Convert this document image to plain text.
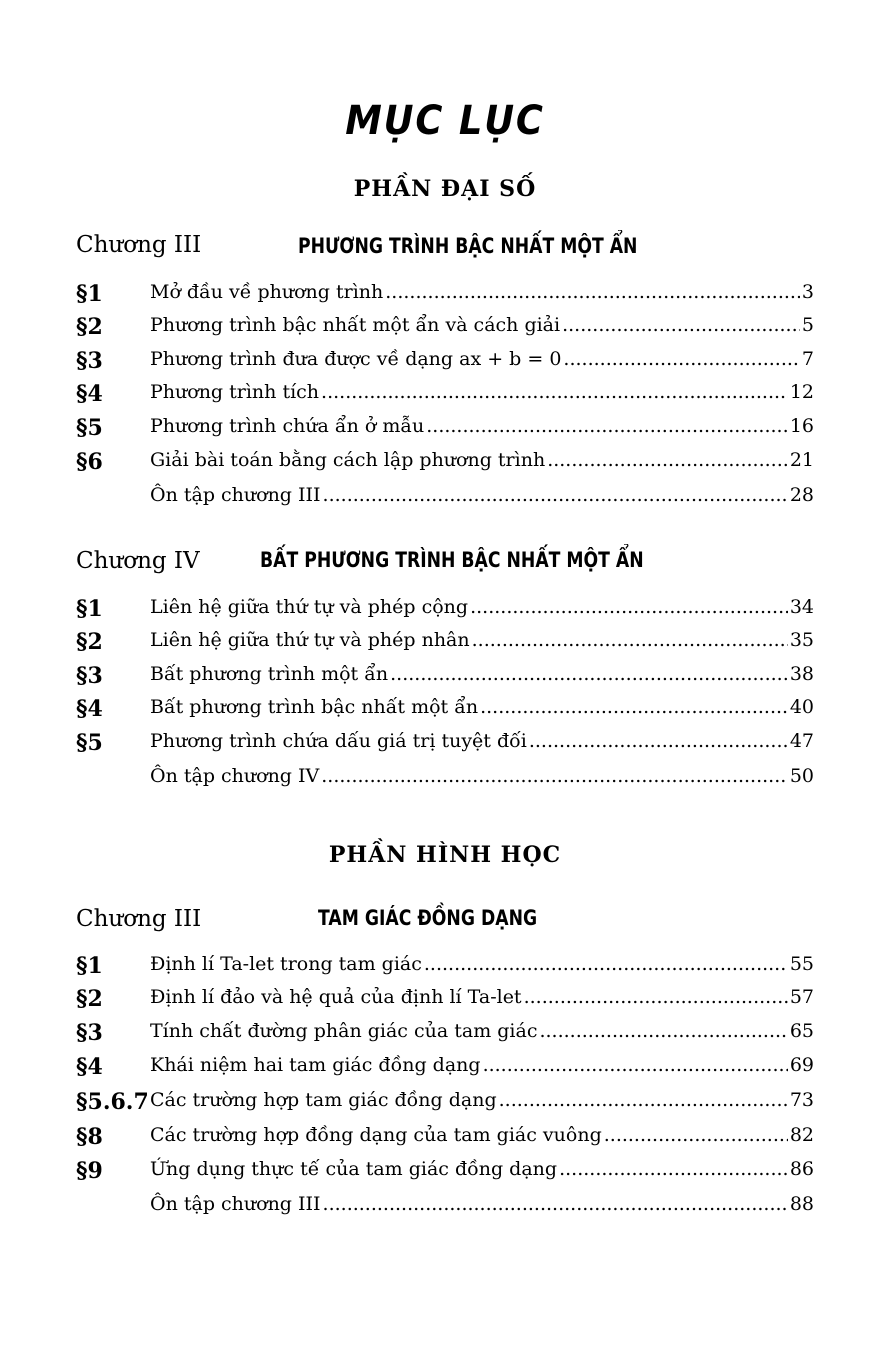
MỤC LỤC
PHẦN ĐẠI SỐ
Chương III	PHƯƠNG TRÌNH BẬC NHẤT MỘT ẨN
§1 Mở đầu về phương trình .....	3
§2 Phương trình bậc nhất một ẩn và cách giải .....	5
§3 Phương trình đưa được về dạng ax + b = 0 .....	7
§4 Phương trình tích .....	12
§5 Phương trình chứa ẩn ở mẫu .....	16
§6 Giải bài toán bằng cách lập phương trình .....	21
Ôn tập chương III .....	28
Chương IV	BẤT PHƯƠNG TRÌNH BẬC NHẤT MỘT ẨN
§1 Liên hệ giữa thứ tự và phép cộng .....	34
§2 Liên hệ giữa thứ tự và phép nhân .....	35
§3 Bất phương trình một ẩn .....	38
§4 Bất phương trình bậc nhất một ẩn .....	40
§5 Phương trình chứa dấu giá trị tuyệt đối .....	47
Ôn tập chương IV .....	50
PHẦN HÌNH HỌC
Chương III	TAM GIÁC ĐỒNG DẠNG
§1 Định lí Ta-let trong tam giác .....	55
§2 Định lí đảo và hệ quả của định lí Ta-let .....	57
§3 Tính chất đường phân giác của tam giác .....	65
§4 Khái niệm hai tam giác đồng dạng .....	69
§5.6.7 Các trường hợp tam giác đồng dạng .....	73
§8 Các trường hợp đồng dạng của tam giác vuông .....	82
§9 Ứng dụng thực tế của tam giác đồng dạng .....	86
Ôn tập chương III .....	88
